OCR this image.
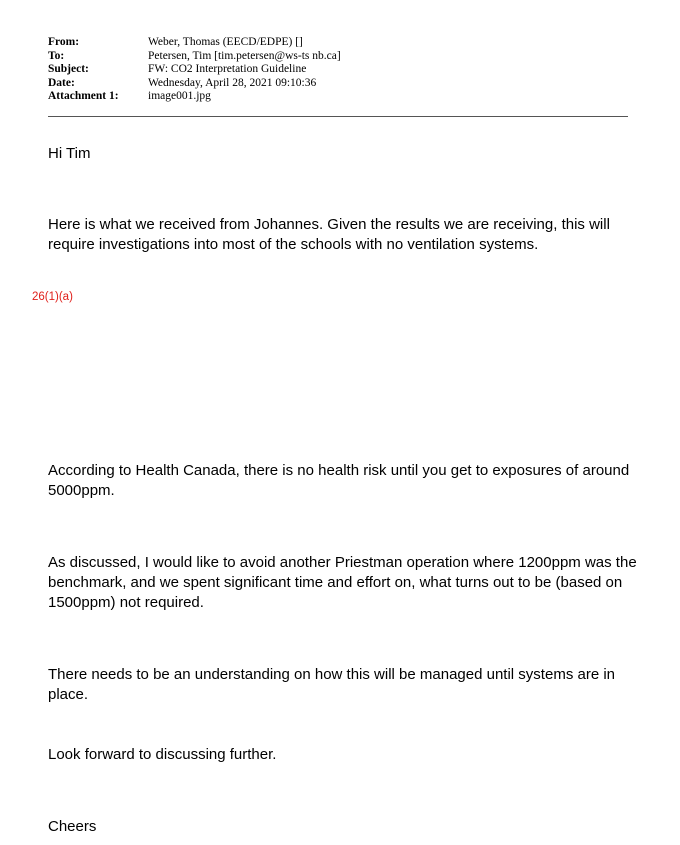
From:	Weber, Thomas (EECD/EDPE) []
To:	Petersen, Tim [tim.petersen@ws-ts nb.ca]
Subject:	FW: CO2 Interpretation Guideline
Date:	Wednesday, April 28, 2021 09:10:36
Attachment 1:	image001.jpg
Hi Tim
Here is what we received from Johannes. Given the results we are receiving, this will require investigations into most of the schools with no ventilation systems.
26(1)(a)
According to Health Canada, there is no health risk until you get to exposures of around 5000ppm.
As discussed, I would like to avoid another Priestman operation where 1200ppm was the benchmark, and we spent significant time and effort on, what turns out to be (based on 1500ppm) not required.
There needs to be an understanding on how this will be managed until systems are in place.
Look forward to discussing further.
Cheers
